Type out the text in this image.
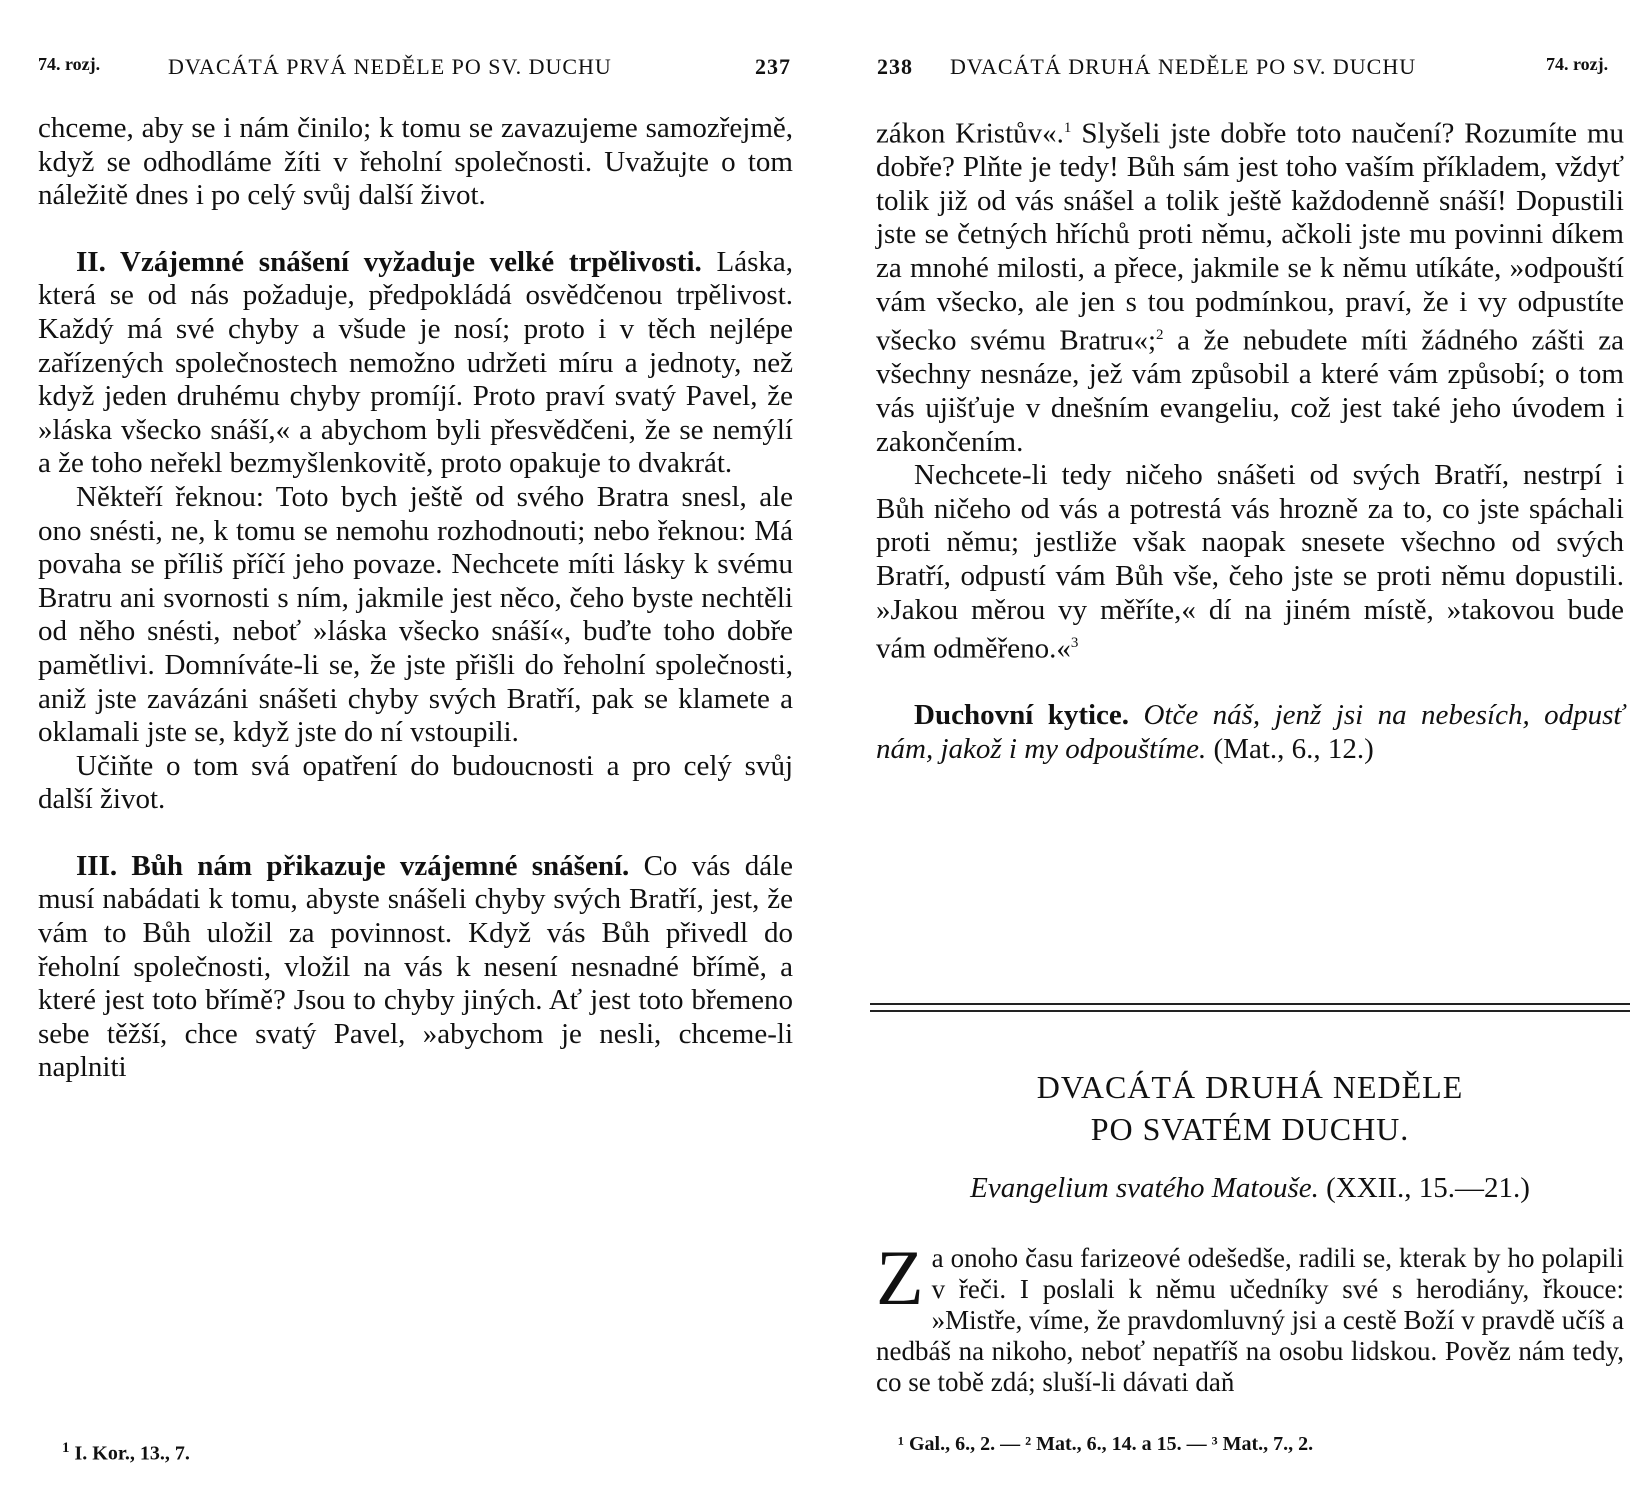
74. rozj.	DVACÁTÁ PRVÁ NEDĚLE PO SV. DUCHU	237

chceme, aby se i nám činilo; k tomu se zavazujeme samozřejmě, když se odhodláme žíti v řeholní společnosti. Uvažujte o tom náležitě dnes i po celý svůj další život.

II. Vzájemné snášení vyžaduje velké trpělivosti. Láska, která se od nás požaduje, předpokládá osvědčenou trpělivost. Každý má své chyby a všude je nosí; proto i v těch nejlépe zařízených společnostech nemožno udržeti míru a jednoty, než když jeden druhému chyby promíjí. Proto praví svatý Pavel, že »láska všecko snáší,« a abychom byli přesvědčeni, že se nemýlí a že toho neřekl bezmyšlenkovitě, proto opakuje to dvakrát.

Někteří řeknou: Toto bych ještě od svého Bratra snesl, ale ono snésti, ne, k tomu se nemohu rozhodnouti; nebo řeknou: Má povaha se příliš příčí jeho povaze. Nechcete míti lásky k svému Bratru ani svornosti s ním, jakmile jest něco, čeho byste nechtěli od něho snésti, neboť »láska všecko snáší«, buďte toho dobře pamětlivi. Domníváte-li se, že jste přišli do řeholní společnosti, aniž jste zavázáni snášeti chyby svých Bratří, pak se klamete a oklamali jste se, když jste do ní vstoupili.

Učiňte o tom svá opatření do budoucnosti a pro celý svůj další život.

III. Bůh nám přikazuje vzájemné snášení. Co vás dále musí nabádati k tomu, abyste snášeli chyby svých Bratří, jest, že vám to Bůh uložil za povinnost. Když vás Bůh přivedl do řeholní společnosti, vložil na vás k nesení nesnadné břímě, a které jest toto břímě? Jsou to chyby jiných. Ať jest toto břemeno sebe těžší, chce svatý Pavel, »abychom je nesli, chceme-li naplniti

$^1$ I. Kor., 13., 7.
238 DVACÁTÁ DRUHÁ NEDĚLE PO SV. DUCHU	74. rozj.

zákon Kristův«.$^1$ Slyšeli jste dobře toto naučení? Rozumíte mu dobře? Plňte je tedy! Bůh sám jest toho vaším příkladem, vždyť tolik již od vás snášel a tolik ještě každodenně snáší! Dopustili jste se četných hříchů proti němu, ačkoli jste mu povinni díkem za mnohé milosti, a přece, jakmile se k němu utíkáte, »odpouští vám všecko, ale jen s tou podmínkou, praví, že i vy odpustíte všecko svému Bratru«;$^2$ a že nebudete míti žádného zášti za všechny nesnáze, jež vám způsobil a které vám způsobí; o tom vás ujišťuje v dnešním evangeliu, což jest také jeho úvodem i zakončením.

Nechcete-li tedy ničeho snášeti od svých Bratří, nestrpí i Bůh ničeho od vás a potrestá vás hrozně za to, co jste spáchali proti němu; jestliže však naopak snesete všechno od svých Bratří, odpustí vám Bůh vše, čeho jste se proti němu dopustili. »Jakou měrou vy měříte,« dí na jiném místě, »takovou bude vám odměřeno.«$^3$

Duchovní kytice. Otče náš, jenž jsi na nebesích, odpusť nám, jakož i my odpouštíme. (Mat., 6., 12.)

DVACÁTÁ DRUHÁ NEDĚLE
PO SVATÉM DUCHU.
Evangelium svatého Matouše. (XXII., 15.—21.)
Za onoho času farizeové odešedše, radili se, kterak by ho polapili v řeči. I poslali k němu učedníky své s herodiány, řkouce: »Mistře, víme, že pravdomluvný jsi a cestě Boží v pravdě učíš a nedbáš na nikoho, neboť nepatříš na osobu lidskou. Pověz nám tedy, co se tobě zdá; sluší-li dávati daň
¹ Gal., 6., 2. — ² Mat., 6., 14. a 15. — ³ Mat., 7., 2.
